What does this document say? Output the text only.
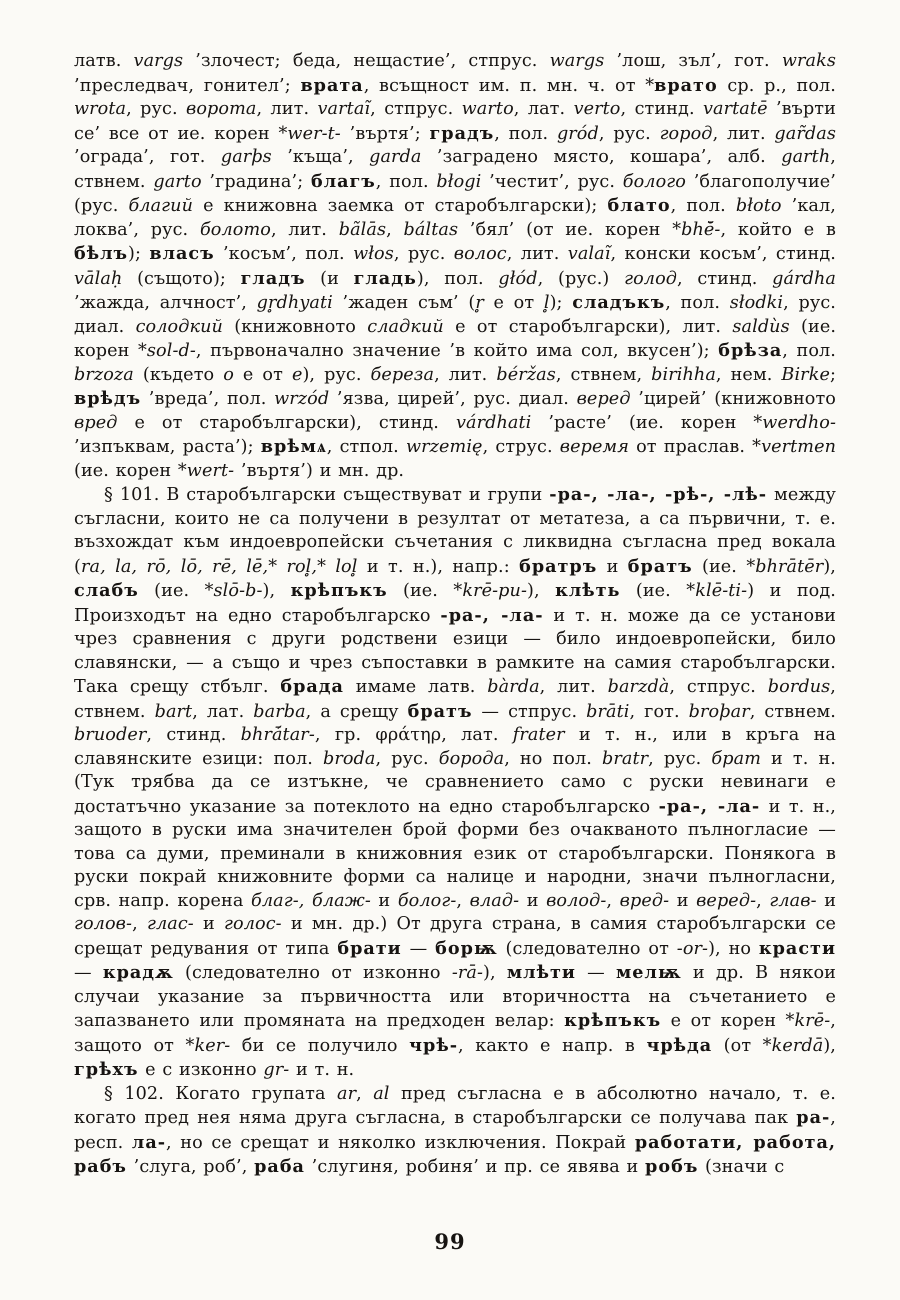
латв. vargs ’злочест; беда, нещастие’, стпрус. wargs ’лош, зъл’, гот. wraks ’преследвач, гонител’; врата, всъщност им. п. мн. ч. от *врато ср. р., пол. wrota, рус. ворота, лит. vartaĩ, стпрус. warto, лат. verto, стинд. vartatē ’върти се’ все от ие. корен *wer-t- ’въртя’; градъ, пол. gród, рус. город, лит. gar̃das ’ограда’, гот. garþs ’къща’, garda ’заградено място, кошара’, алб. garth, ствнем. garto ’градина’; благъ, пол. błogi ’честит’, рус. болого ’благополучие’ (рус. благий е книжовна заемка от старобългарски); блато, пол. błoto ’кал, локва’, рус. болото, лит. bãlās, báltas ’бял’ (от ие. корен *bhē̆-, който е в бѣлъ); власъ ’косъм’, пол. włos, рус. волос, лит. valaĩ, конски косъм’, стинд. vālaḥ (същото); гладъ (и гладь), пол. głód, (рус.) голод, стинд. gárdha ’жажда, алчност’, gr̥dhyati ’жаден съм’ (r̥ е от l̥); сладъкъ, пол. słodki, рус. диал. солодкий (книжовното сладкий е от старобългарски), лит. saldùs (ие. корен *sol-d-, първоначално значение ’в който има сол, вкусен’); брѣза, пол. brzoza (където o е от e), рус. береза, лит. béržas, ствнем, birihha, нем. Birke; врѣдъ ’вреда’, пол. wrzód ’язва, цирей’, рус. диал. веред ’цирей’ (книжовното вред е от старобългарски), стинд. várdhati ’расте’ (ие. корен *werdho- ’изпъквам, раста’); врѣмѧ, стпол. wrzemię, струс. веремя от праслав. *vertmen (ие. корен *wert- ’въртя’) и мн. др.

§ 101. В старобългарски съществуват и групи -ра-, -ла-, -рѣ-, -лѣ- между съгласни, които не са получени в резултат от метатеза, а са първични, т. е. възхождат към индоевропейски съчетания с ликвидна съгласна пред вокала (ra, la, rō, lō, rē, lē,* rol̥,* lol̥ и т. н.), напр.: братръ и братъ (ие. *bhrātēr), слабъ (ие. *slō-b-), крѣпъкъ (ие. *krē-pu-), клѣть (ие. *klē-ti-) и под. Произходът на едно старобългарско -ра-, -ла- и т. н. може да се установи чрез сравнения с други родствени езици — било индоевропейски, било славянски, — а също и чрез съпоставки в рамките на самия старобългарски. Така срещу стбълг. брада имаме латв. bàrda, лит. barzdà, стпрус. bordus, ствнем. bart, лат. barba, а срещу братъ — стпрус. brāti, гот. broþar, ствнем. bruoder, стинд. bhrā́tar-, гр. φράτηρ, лат. frater и т. н., или в кръга на славянските езици: пол. broda, рус. борода, но пол. bratr, рус. брат и т. н. (Тук трябва да се изтъкне, че сравнението само с руски невинаги е достатъчно указание за потеклото на едно старобългарско -ра-, -ла- и т. н., защото в руски има значителен брой форми без очакваното пълногласие — това са думи, преминали в книжовния език от старобългарски. Понякога в руски покрай книжовните форми са налице и народни, значи пълногласни, срв. напр. корена благ-, блаж- и болог-, влад- и волод-, вред- и веред-, глав- и голов-, глас- и голос- и мн. др.) От друга страна, в самия старобългарски се срещат редувания от типа брати — борѭ (следователно от -or-), но красти — крадѫ (следователно от изконно -rā-), млѣти — мелѭ и др. В някои случаи указание за първичността или вторичността на съчетанието е запазването или промяната на предходен велар: крѣпъкъ е от корен *krē-, защото от *ker- би се получило чрѣ-, както е напр. в чрѣда (от *kerdā), грѣхъ е с изконно gr- и т. н.

§ 102. Когато групата ar, al пред съгласна е в абсолютно начало, т. е. когато пред нея няма друга съгласна, в старобългарски се получава пак ра-, респ. ла-, но се срещат и няколко изключения. Покрай работати, работа, рабъ ’слуга, роб’, раба ’слугиня, робиня’ и пр. се явява и робъ (значи с

99
